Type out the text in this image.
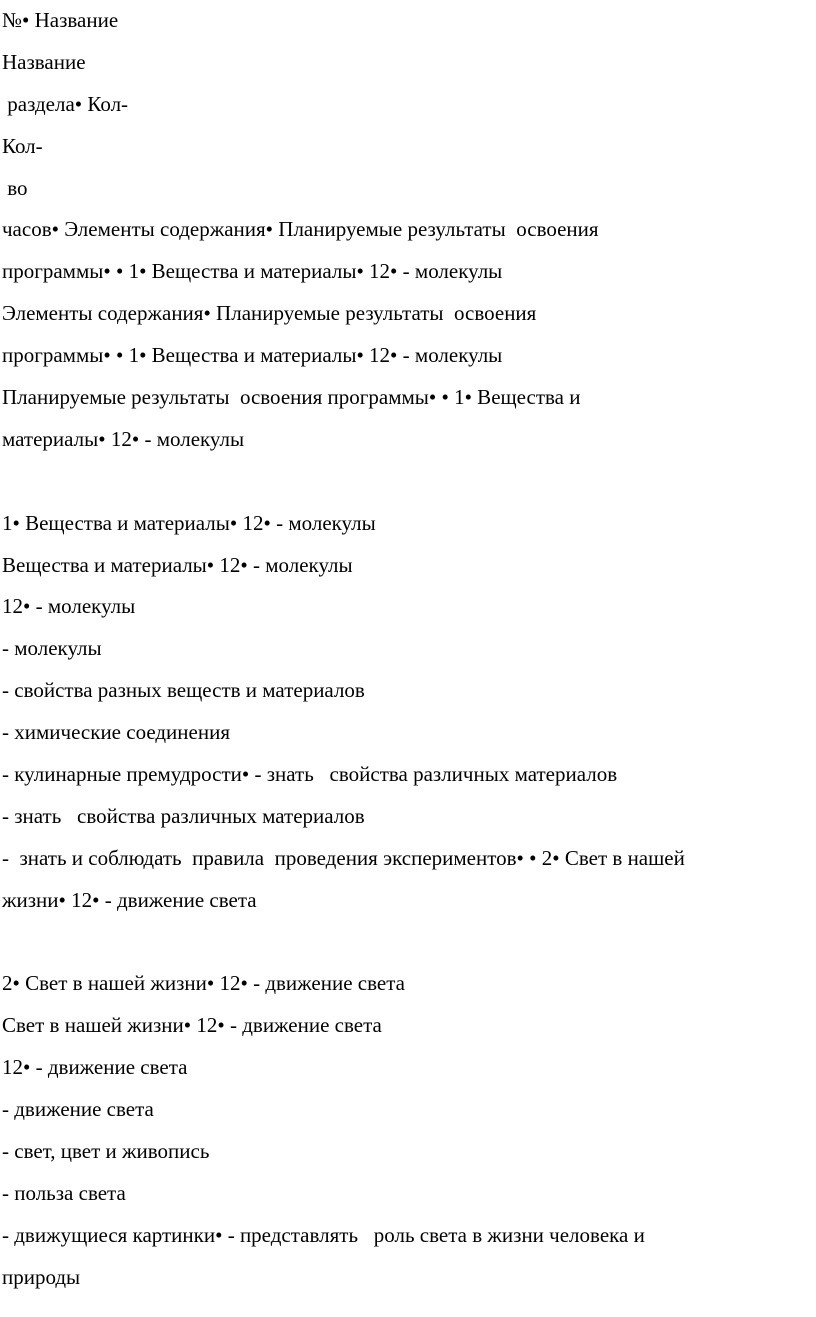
№• Название
Название
раздела• Кол-
Кол-
во
часов• Элементы содержания• Планируемые результаты  освоения
программы• • 1• Вещества и материалы• 12• - молекулы
Элементы содержания• Планируемые результаты  освоения
программы• • 1• Вещества и материалы• 12• - молекулы
Планируемые результаты  освоения программы• • 1• Вещества и
материалы• 12• - молекулы
1• Вещества и материалы• 12• - молекулы
Вещества и материалы• 12• - молекулы
12• - молекулы
- молекулы
- свойства разных веществ и материалов
- химические соединения
- кулинарные премудрости• - знать   свойства различных материалов
- знать   свойства различных материалов
-  знать и соблюдать  правила  проведения экспериментов• • 2• Свет в нашей
жизни• 12• - движение света
2• Свет в нашей жизни• 12• - движение света
Свет в нашей жизни• 12• - движение света
12• - движение света
- движение света
- свет, цвет и живопись
- польза света
- движущиеся картинки• - представлять   роль света в жизни человека и
природы
